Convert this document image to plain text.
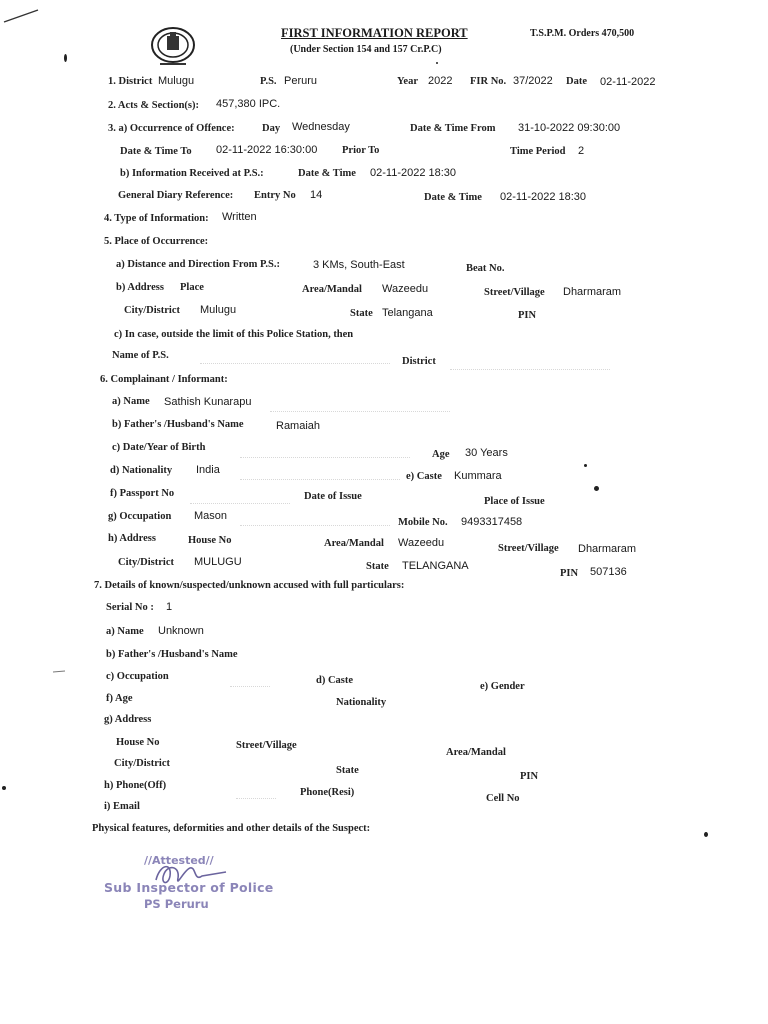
FIRST INFORMATION REPORT
(Under Section 154 and 157 Cr.P.C)
T.S.P.M. Orders 470,500
1. District Mulugu	P.S. Peruru	Year 2022 FIR No. 37/2022 Date 02-11-2022
2. Acts & Section(s): 457,380 IPC.
3. a) Occurrence of Offence:	Day Wednesday	Date & Time From 31-10-2022 09:30:00
Date & Time To 02-11-2022 16:30:00 Prior To	Time Period 2
b) Information Received at P.S.:	Date & Time 02-11-2022 18:30
General Diary Reference: Entry No 14	Date & Time 02-11-2022 18:30
4. Type of Information: Written
5. Place of Occurrence:
a) Distance and Direction From P.S.:	3 KMs, South-East	Beat No.
b) Address Place	Area/Mandal Wazeedu	Street/Village Dharmaram
City/District Mulugu	State Telangana	PIN
c) In case, outside the limit of this Police Station, then
Name of P.S.
District
6. Complainant / Informant:
a) Name Sathish Kunarapu
b) Father's /Husband's Name	Ramaiah
c) Date/Year of Birth
Age 30 Years
d) Nationality India
e) Caste Kummara
f) Passport No	Date of Issue	Place of Issue
g) Occupation Mason
Mobile No. 9493317458
h) Address	House No	Area/Mandal Wazeedu	Street/Village Dharmaram
City/District MULUGU	State TELANGANA
PIN 507136
7. Details of known/suspected/unknown accused with full particulars:
Serial No : 1
a) Name Unknown
b) Father's /Husband's Name
c) Occupation	d) Caste
e) Gender
f) Age	Nationality
g) Address
House No	Street/Village
Area/Mandal
City/District
State
PIN
h) Phone(Off)
Phone(Resi)
Cell No
i) Email
Physical features, deformities and other details of the Suspect:
//Attested//
Sub Inspector of Police
PS Peruru
